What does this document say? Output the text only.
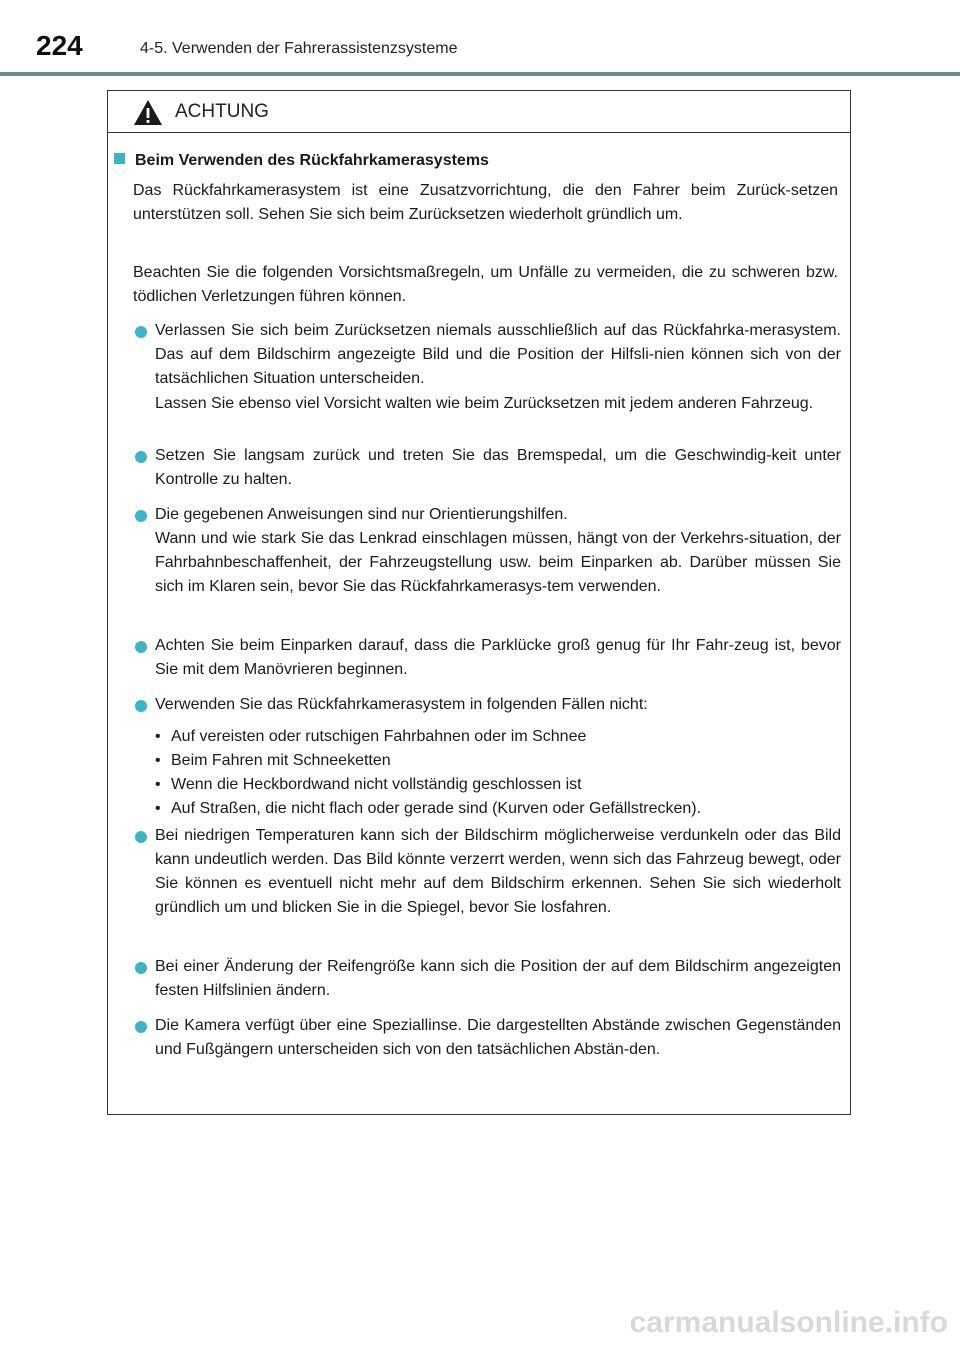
224	4-5. Verwenden der Fahrerassistenzsysteme
ACHTUNG
Beim Verwenden des Rückfahrkamerasystems
Das Rückfahrkamerasystem ist eine Zusatzvorrichtung, die den Fahrer beim Zurück-setzen unterstützen soll. Sehen Sie sich beim Zurücksetzen wiederholt gründlich um.
Beachten Sie die folgenden Vorsichtsmaßregeln, um Unfälle zu vermeiden, die zu schweren bzw. tödlichen Verletzungen führen können.
Verlassen Sie sich beim Zurücksetzen niemals ausschließlich auf das Rückfahrka-merasystem. Das auf dem Bildschirm angezeigte Bild und die Position der Hilfsli-nien können sich von der tatsächlichen Situation unterscheiden.
Lassen Sie ebenso viel Vorsicht walten wie beim Zurücksetzen mit jedem anderen Fahrzeug.
Setzen Sie langsam zurück und treten Sie das Bremspedal, um die Geschwindig-keit unter Kontrolle zu halten.
Die gegebenen Anweisungen sind nur Orientierungshilfen.
Wann und wie stark Sie das Lenkrad einschlagen müssen, hängt von der Verkehrs-situation, der Fahrbahnbeschaffenheit, der Fahrzeugstellung usw. beim Einparken ab. Darüber müssen Sie sich im Klaren sein, bevor Sie das Rückfahrkamerasys-tem verwenden.
Achten Sie beim Einparken darauf, dass die Parklücke groß genug für Ihr Fahr-zeug ist, bevor Sie mit dem Manövrieren beginnen.
Verwenden Sie das Rückfahrkamerasystem in folgenden Fällen nicht:
• Auf vereisten oder rutschigen Fahrbahnen oder im Schnee
• Beim Fahren mit Schneeketten
• Wenn die Heckbordwand nicht vollständig geschlossen ist
• Auf Straßen, die nicht flach oder gerade sind (Kurven oder Gefällstrecken).
Bei niedrigen Temperaturen kann sich der Bildschirm möglicherweise verdunkeln oder das Bild kann undeutlich werden. Das Bild könnte verzerrt werden, wenn sich das Fahrzeug bewegt, oder Sie können es eventuell nicht mehr auf dem Bildschirm erkennen. Sehen Sie sich wiederholt gründlich um und blicken Sie in die Spiegel, bevor Sie losfahren.
Bei einer Änderung der Reifengröße kann sich die Position der auf dem Bildschirm angezeigten festen Hilfslinien ändern.
Die Kamera verfügt über eine Speziallinse. Die dargestellten Abstände zwischen Gegenständen und Fußgängern unterscheiden sich von den tatsächlichen Abstän-den.
carmanualsonline.info
